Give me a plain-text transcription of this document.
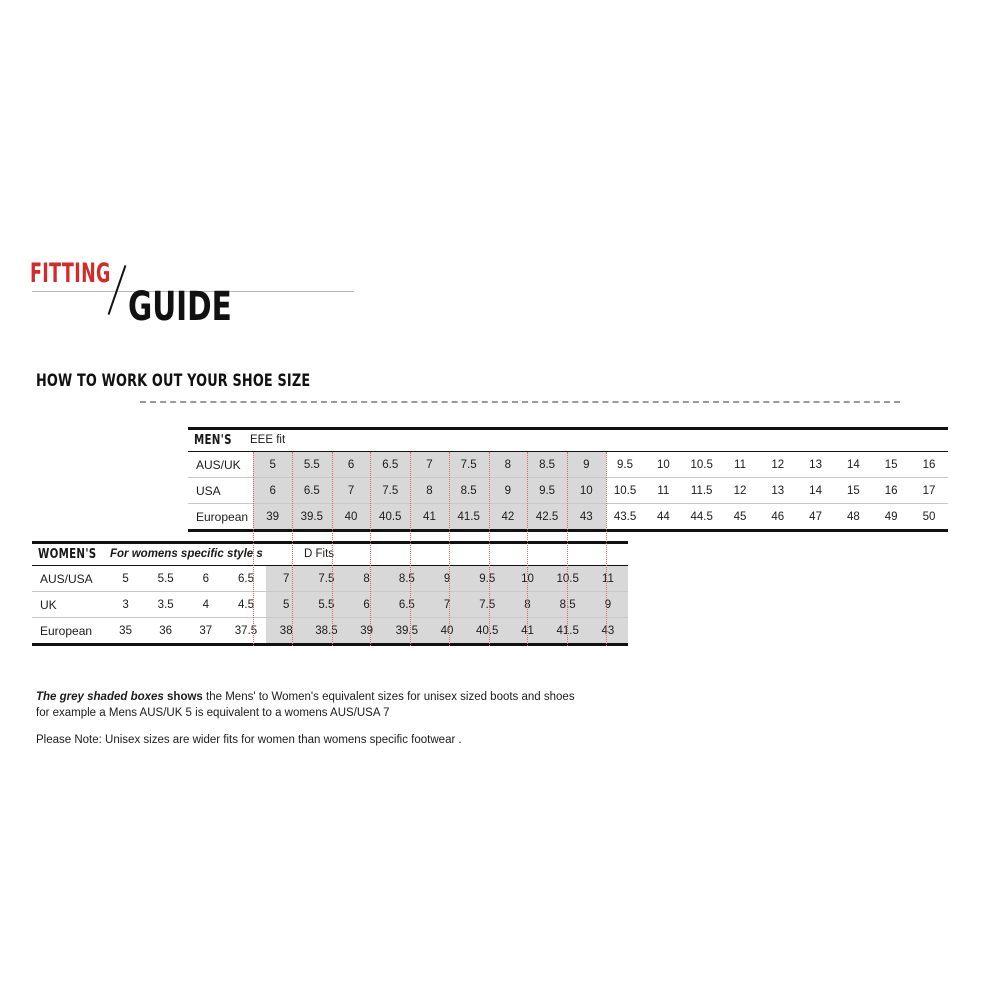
FITTING
GUIDE
HOW TO WORK OUT YOUR SHOE SIZE
MEN'S EEE fit
AUS/UK	5	5.5	6	6.5	7	7.5	8	8.5	9	9.5	10	10.5	11	12	13	14	15	16
USA	6	6.5	7	7.5	8	8.5	9	9.5	10	10.5	11	11.5	12	13	14	15	16	17
European	39	39.5	40	40.5	41	41.5	42	42.5	43	43.5	44	44.5	45	46	47	48	49	50
WOMEN'S For womens specific style s	D Fits
AUS/USA	5	5.5	6	6.5	7	7.5	8	8.5	9	9.5	10	10.5	11
UK	3	3.5	4	4.5	5	5.5	6	6.5	7	7.5	8	8.5	9
European	35	36	37	37.5	38	38.5	39	39.5	40	40.5	41	41.5	43
The grey shaded boxes shows the Mens' to Women's equivalent sizes for unisex sized boots and shoes
for example a Mens AUS/UK 5 is equivalent to a womens AUS/USA 7
Please Note: Unisex sizes are wider fits for women than womens specific footwear .
